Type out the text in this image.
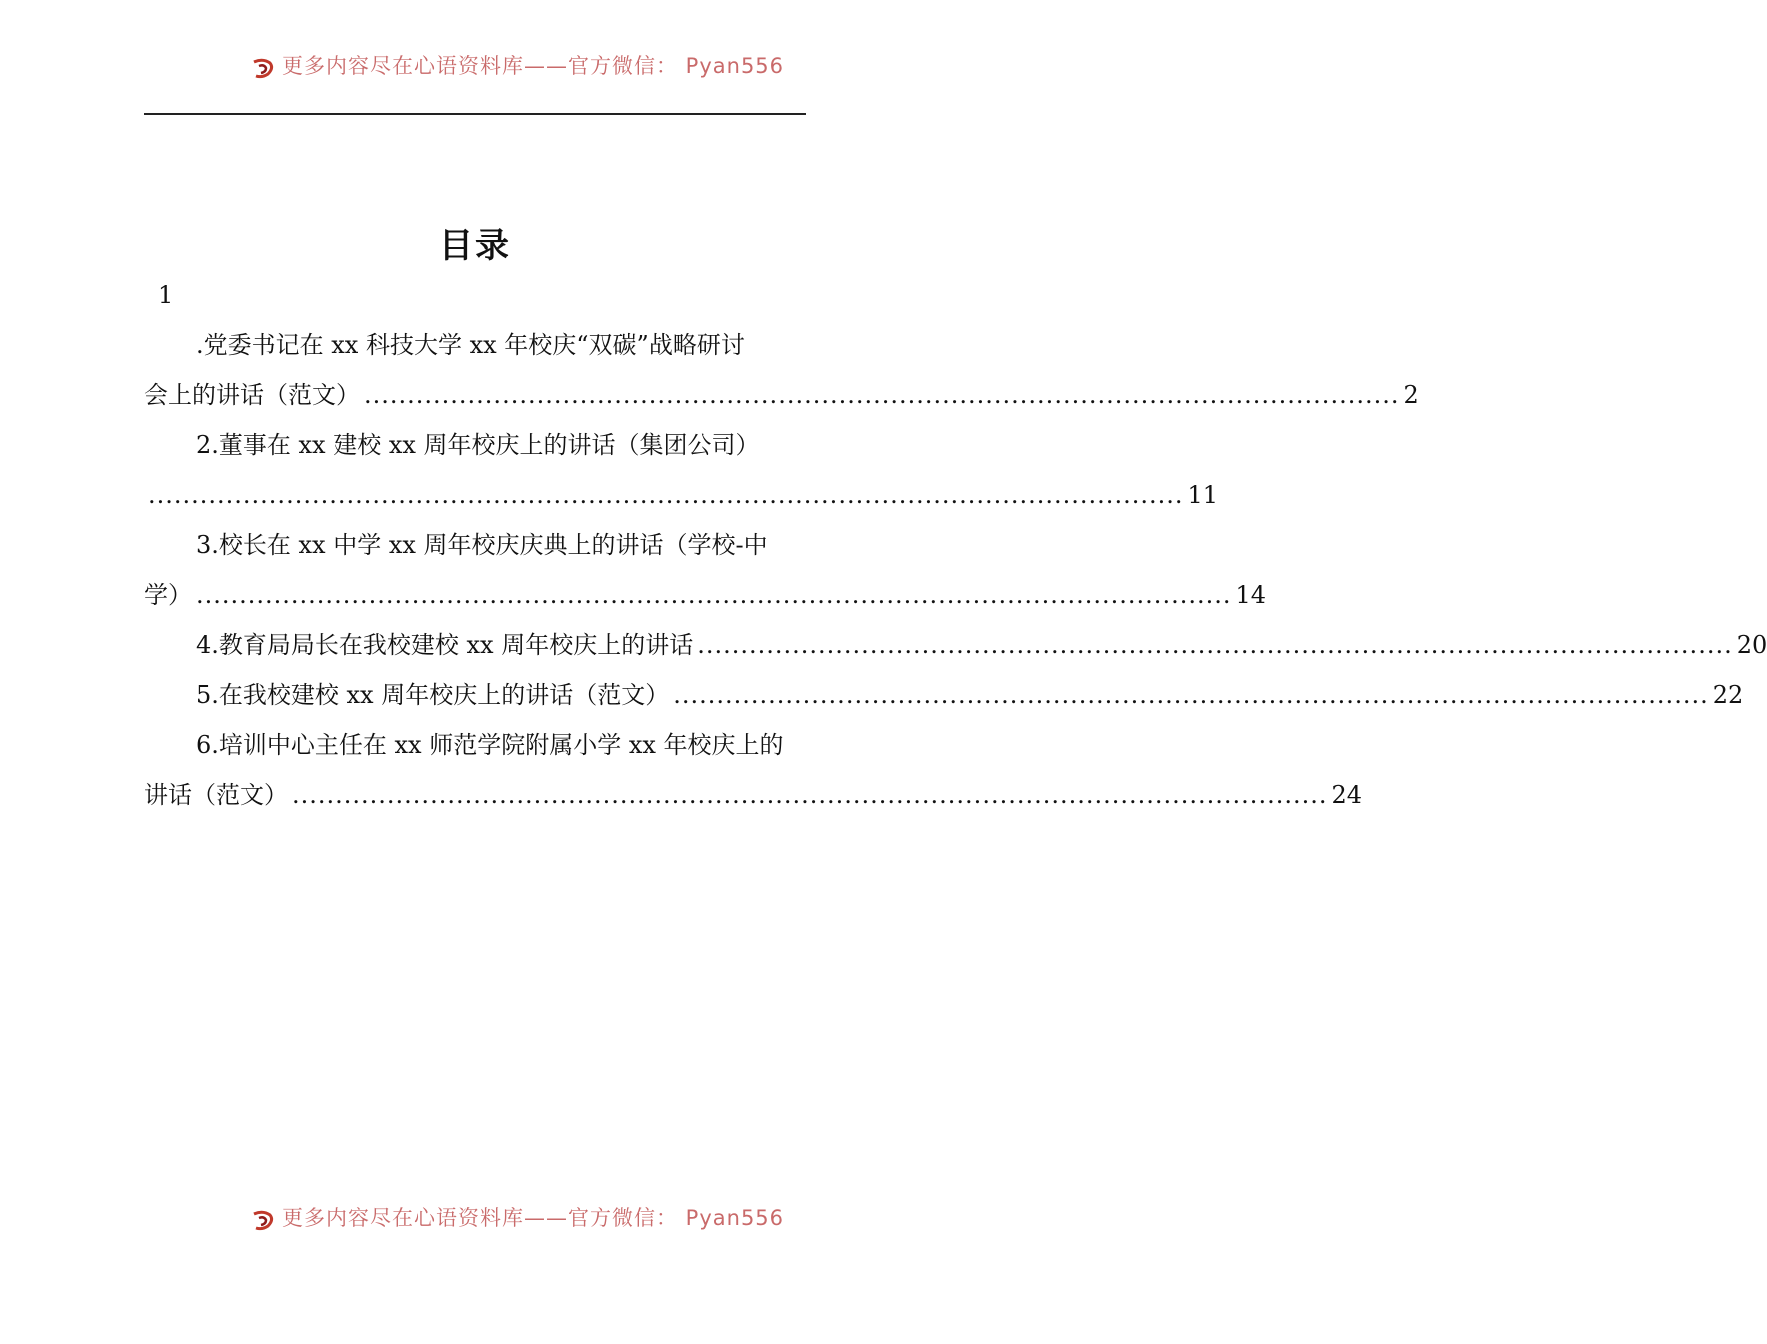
更多内容尽在心语资料库——官方微信： Pyan556
目录
1
.党委书记在 xx 科技大学 xx 年校庆“双碳”战略研讨
会上的讲话（范文） ........................................................................................................................ 2
2.董事在 xx 建校 xx 周年校庆上的讲话（集团公司）
........................................................................................................................ 11
3.校长在 xx 中学 xx 周年校庆庆典上的讲话（学校-中
学） ........................................................................................................................ 14
4.教育局局长在我校建校 xx 周年校庆上的讲话 ........................................................................................................................ 20
5.在我校建校 xx 周年校庆上的讲话（范文） ........................................................................................................................ 22
6.培训中心主任在 xx 师范学院附属小学 xx 年校庆上的
讲话（范文） ........................................................................................................................ 24
更多内容尽在心语资料库——官方微信： Pyan556
